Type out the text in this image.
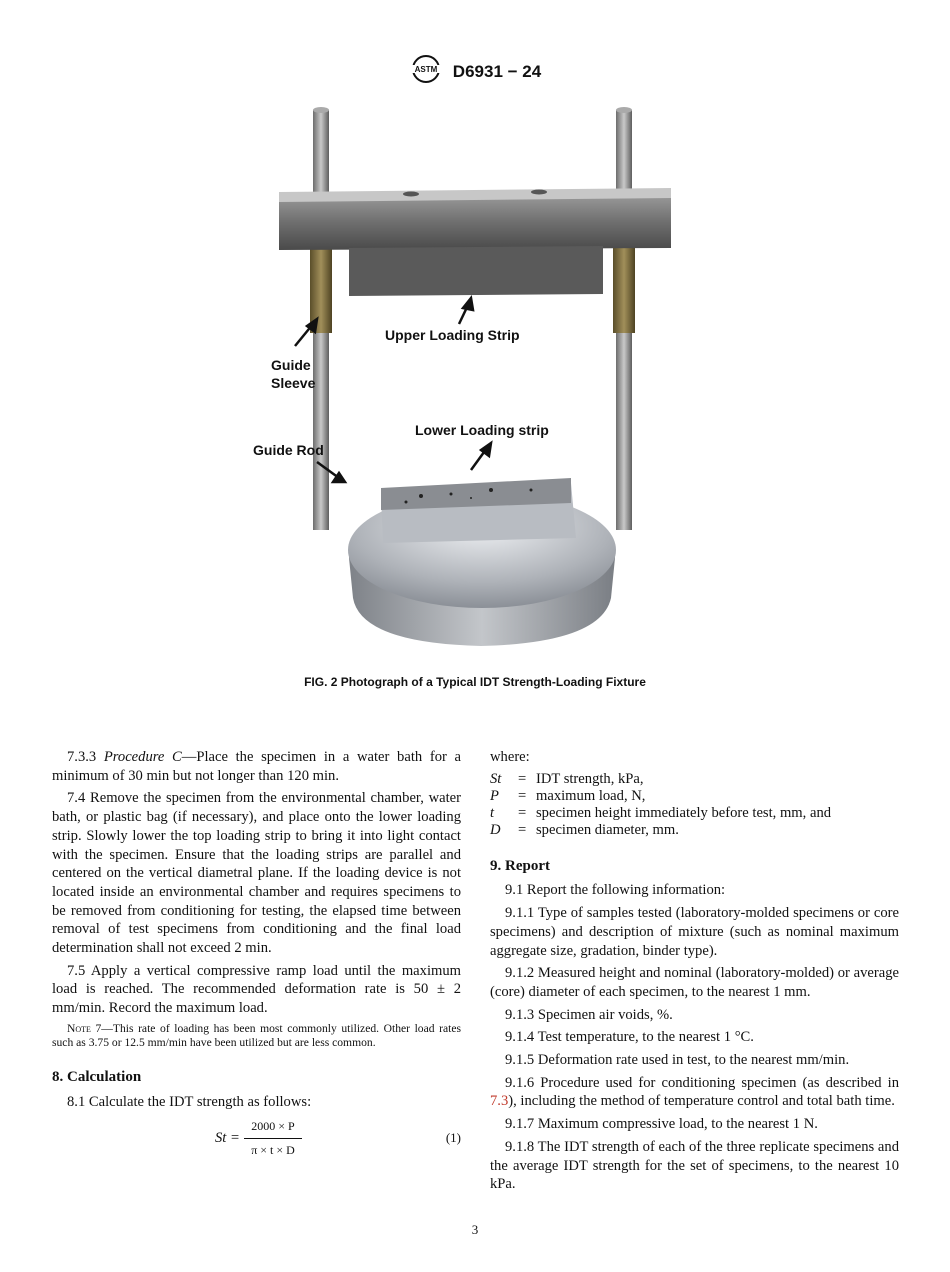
ASTM D6931 − 24
Upper Loading Strip
Guide
Sleeve
Lower Loading strip
Guide Rod
FIG. 2 Photograph of a Typical IDT Strength-Loading Fixture

7.3.3 Procedure C—Place the specimen in a water bath for a minimum of 30 min but not longer than 120 min.

7.4 Remove the specimen from the environmental chamber, water bath, or plastic bag (if necessary), and place onto the lower loading strip. Slowly lower the top loading strip to bring it into light contact with the specimen. Ensure that the loading strips are parallel and centered on the vertical diametral plane. If the loading device is not located inside an environmental chamber and requires specimens to be removed from conditioning for testing, the elapsed time between removal of test specimens from conditioning and the final load determination shall not exceed 2 min.

7.5 Apply a vertical compressive ramp load until the maximum load is reached. The recommended deformation rate is 50 ± 2 mm/min. Record the maximum load.

Note 7—This rate of loading has been most commonly utilized. Other load rates such as 3.75 or 12.5 mm/min have been utilized but are less common.
8. Calculation

8.1 Calculate the IDT strength as follows:

$St = \frac{2000 \times P}{\pi \times t \times D}$	(1)

where:

St	= IDT strength, kPa,
P	= maximum load, N,
t	= specimen height immediately before test, mm, and
D	= specimen diameter, mm.
9. Report

9.1 Report the following information:

9.1.1 Type of samples tested (laboratory-molded specimens or core specimens) and description of mixture (such as nominal maximum aggregate size, gradation, binder type).

9.1.2 Measured height and nominal (laboratory-molded) or average (core) diameter of each specimen, to the nearest 1 mm.

9.1.3 Specimen air voids, %.

9.1.4 Test temperature, to the nearest 1 °C.

9.1.5 Deformation rate used in test, to the nearest mm/min.

9.1.6 Procedure used for conditioning specimen (as described in 7.3), including the method of temperature control and total bath time.

9.1.7 Maximum compressive load, to the nearest 1 N.

9.1.8 The IDT strength of each of the three replicate specimens and the average IDT strength for the set of specimens, to the nearest 10 kPa.

3
